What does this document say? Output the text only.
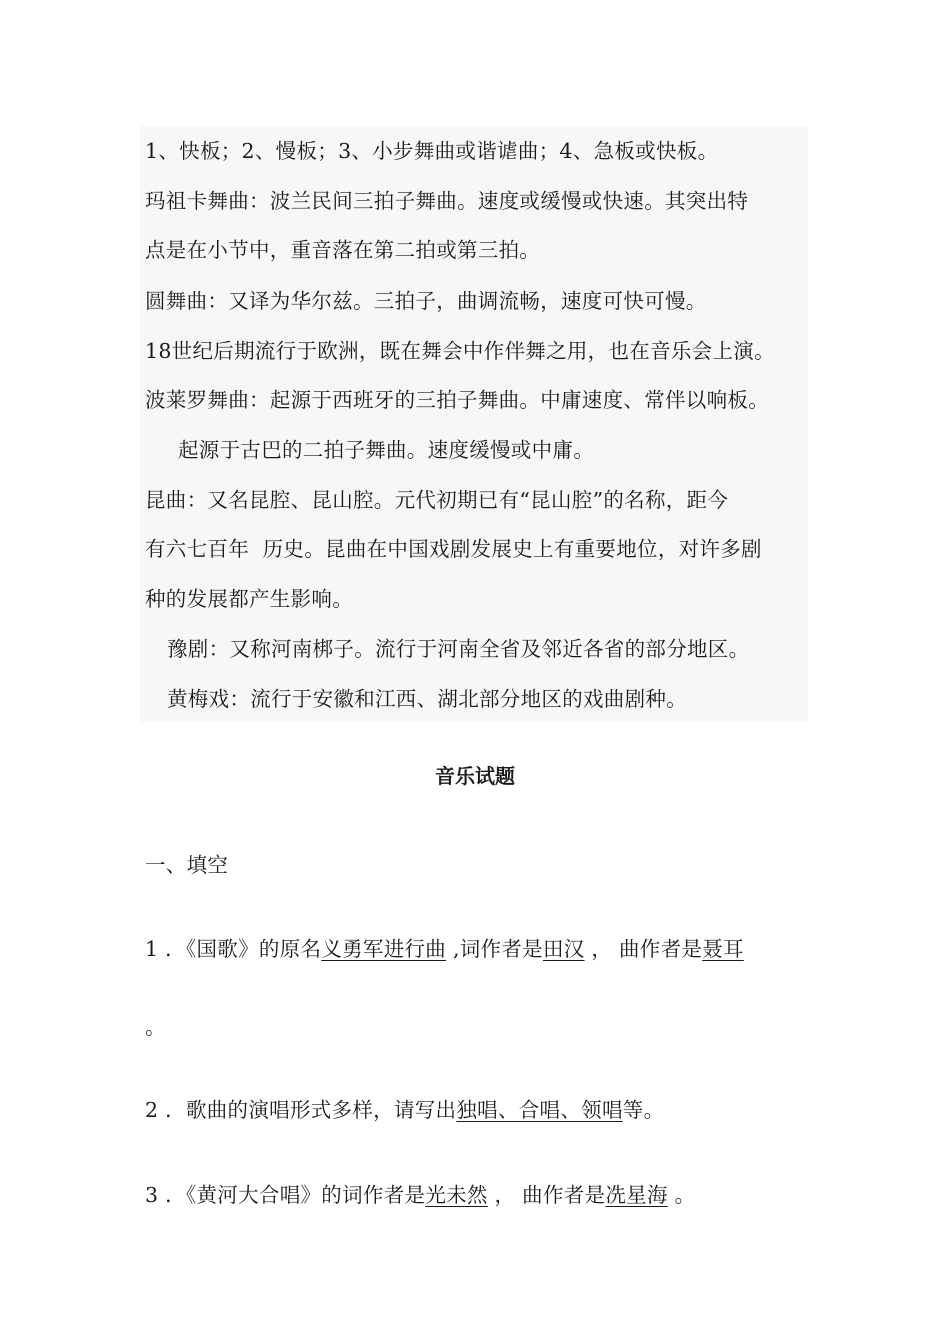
1、快板；2、慢板；3、小步舞曲或谐谑曲；4、急板或快板。
玛祖卡舞曲：波兰民间三拍子舞曲。速度或缓慢或快速。其突出特
点是在小节中，重音落在第二拍或第三拍。
圆舞曲：又译为华尔兹。三拍子，曲调流畅，速度可快可慢。
18世纪后期流行于欧洲，既在舞会中作伴舞之用，也在音乐会上演。
波莱罗舞曲：起源于西班牙的三拍子舞曲。中庸速度、常伴以响板。
起源于古巴的二拍子舞曲。速度缓慢或中庸。
昆曲：又名昆腔、昆山腔。元代初期已有“昆山腔”的名称，距今
有六七百年  历史。昆曲在中国戏剧发展史上有重要地位，对许多剧
种的发展都产生影响。
豫剧：又称河南梆子。流行于河南全省及邻近各省的部分地区。
黄梅戏：流行于安徽和江西、湖北部分地区的戏曲剧种。
音乐试题
一、填空
1 ．《国歌》的原名义勇军进行曲 ,词作者是田汉 ， 曲作者是聂耳
。
2 ．歌曲的演唱形式多样，请写出独唱、合唱、领唱等。
3 ．《黄河大合唱》的词作者是光未然 ， 曲作者是冼星海 。
